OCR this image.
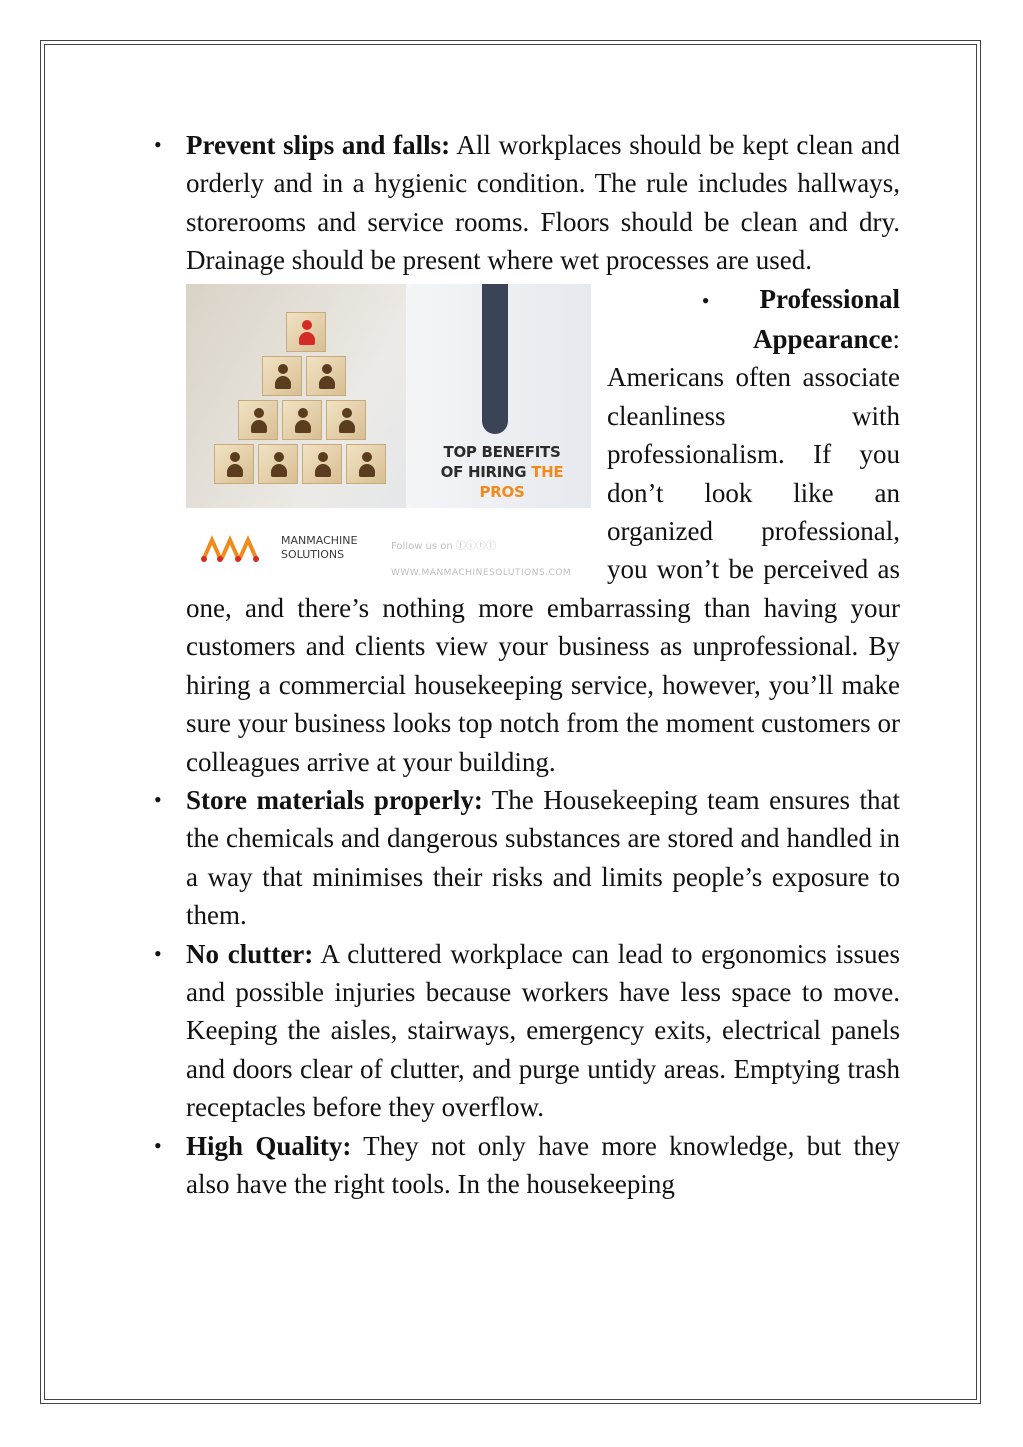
• Prevent slips and falls: All workplaces should be kept clean and orderly and in a hygienic condition. The rule includes hallways, storerooms and service rooms. Floors should be clean and dry. Drainage should be present where wet processes are used.
TOP BENEFITS
OF HIRING THE PROS
MANMACHINE
SOLUTIONS
Follow us on ⓕⓘⓣⓛ
WWW.MANMACHINESOLUTIONS.COM
• Professional Appearance:
Americans often associate cleanliness with professionalism. If you don’t look like an organized professional, you won’t be perceived as one, and there’s nothing more embarrassing than having your customers and clients view your business as unprofessional. By hiring a commercial housekeeping service, however, you’ll make sure your business looks top notch from the moment customers or colleagues arrive at your building.
• Store materials properly: The Housekeeping team ensures that the chemicals and dangerous substances are stored and handled in a way that minimises their risks and limits people’s exposure to them.
• No clutter: A cluttered workplace can lead to ergonomics issues and possible injuries because workers have less space to move. Keeping the aisles, stairways, emergency exits, electrical panels and doors clear of clutter, and purge untidy areas. Emptying trash receptacles before they overflow.
• High Quality: They not only have more knowledge, but they also have the right tools. In the housekeeping
